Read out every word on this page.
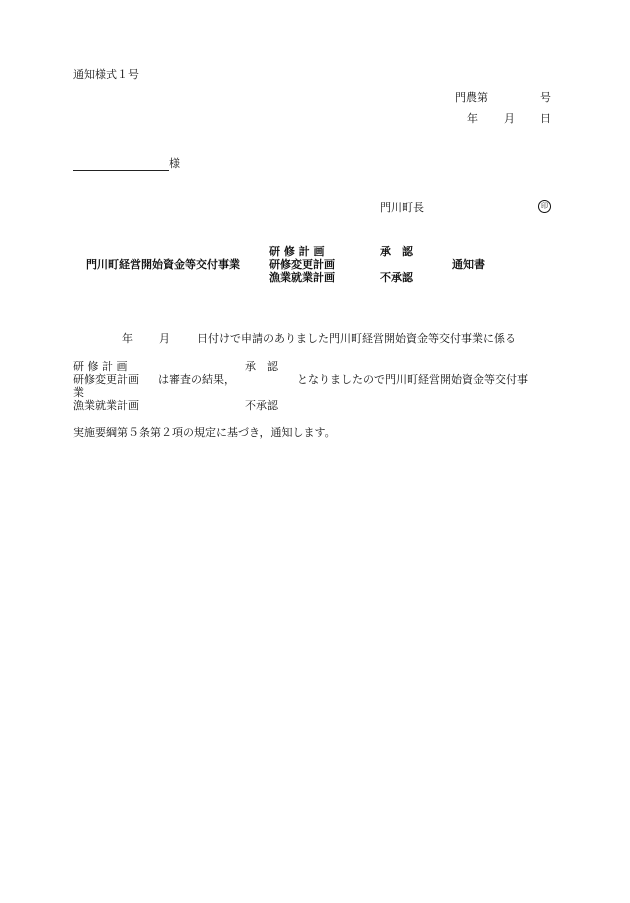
通知様式１号
門農第	号
年 月 日
様
門川町長	印
門川町経営開始資金等交付事業
研 修 計 画
研修変更計画
漁業就業計画
承　認
不承認
通知書
年 月 日付けで申請のありました門川町経営開始資金等交付事業に係る
研 修 計 画	承　認
研修変更計画 は審査の結果，	となりましたので門川町経営開始資金等交付事
業
漁業就業計画	不承認
実施要綱第５条第２項の規定に基づき，通知します。
